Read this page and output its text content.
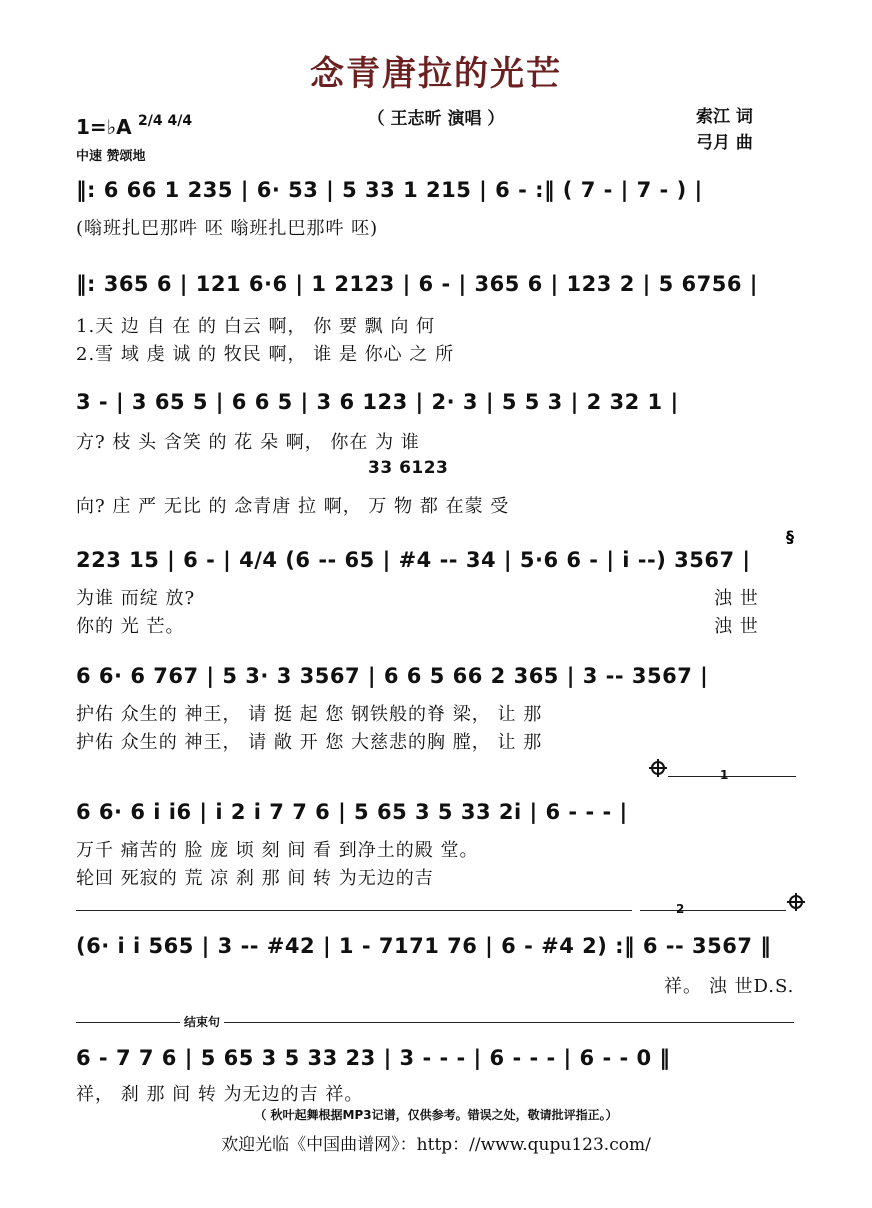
念青唐拉的光芒
（ 王志昕 演唱 ）	索江 词
弓月 曲
1=♭A 2/4 4/4
中速 赞颂地
‖: 6 66 1 235 | 6· 53 | 5 33 1 215 | 6 - :‖ ( 7 - | 7 - ) |
(嗡班扎巴那吽 呸 嗡班扎巴那吽 呸)
‖: 365 6 | 121 6·6 | 1 2123 | 6 - | 365 6 | 123 2 | 5 6756 |
1.天 边 自 在 的 白云 啊， 你 要 飘 向 何
2.雪 域 虔 诚 的 牧民 啊， 谁 是 你心 之 所
3 - | 3 65 5 | 6 6 5 | 3 6 123 | 2· 3 | 5 5 3 | 2 32 1 |
方? 枝 头 含笑 的 花 朵 啊， 你在 为 谁
33 6123
向? 庄 严 无比 的 念青唐 拉 啊， 万 物 都 在蒙 受
223 15 | 6 - | 4/4 (6 -- 65 | #4 -- 34 | 5·6 6 - | i --) 3567 |
§
为谁 而绽 放?
你的 光 芒。
浊 世
浊 世
6 6· 6 767 | 5 3· 3 3567 | 6 6 5 66 2 365 | 3 -- 3567 |
护佑 众生的 神王， 请 挺 起 您 钢铁般的脊 梁， 让 那
护佑 众生的 神王， 请 敞 开 您 大慈悲的胸 膛， 让 那
1
6 6· 6 i i6 | i 2 i 7 7 6 | 5 65 3 5 33 2i | 6 - - - |
万千 痛苦的 脸 庞 顷 刻 间 看 到净土的殿 堂。
轮回 死寂的 荒 凉 刹 那 间 转 为无边的吉
2
(6· i i 565 | 3 -- #42 | 1 - 7171 76 | 6 - #4 2) :‖ 6 -- 3567 ‖
祥。 浊 世D.S.
结束句
6 - 7 7 6 | 5 65 3 5 33 23 | 3 - - - | 6 - - - | 6 - - 0 ‖
祥， 刹 那 间 转 为无边的吉 祥。
（ 秋叶起舞根据MP3记谱，仅供参考。错误之处，敬请批评指正。）
欢迎光临《中国曲谱网》：http：//www.qupu123.com/
